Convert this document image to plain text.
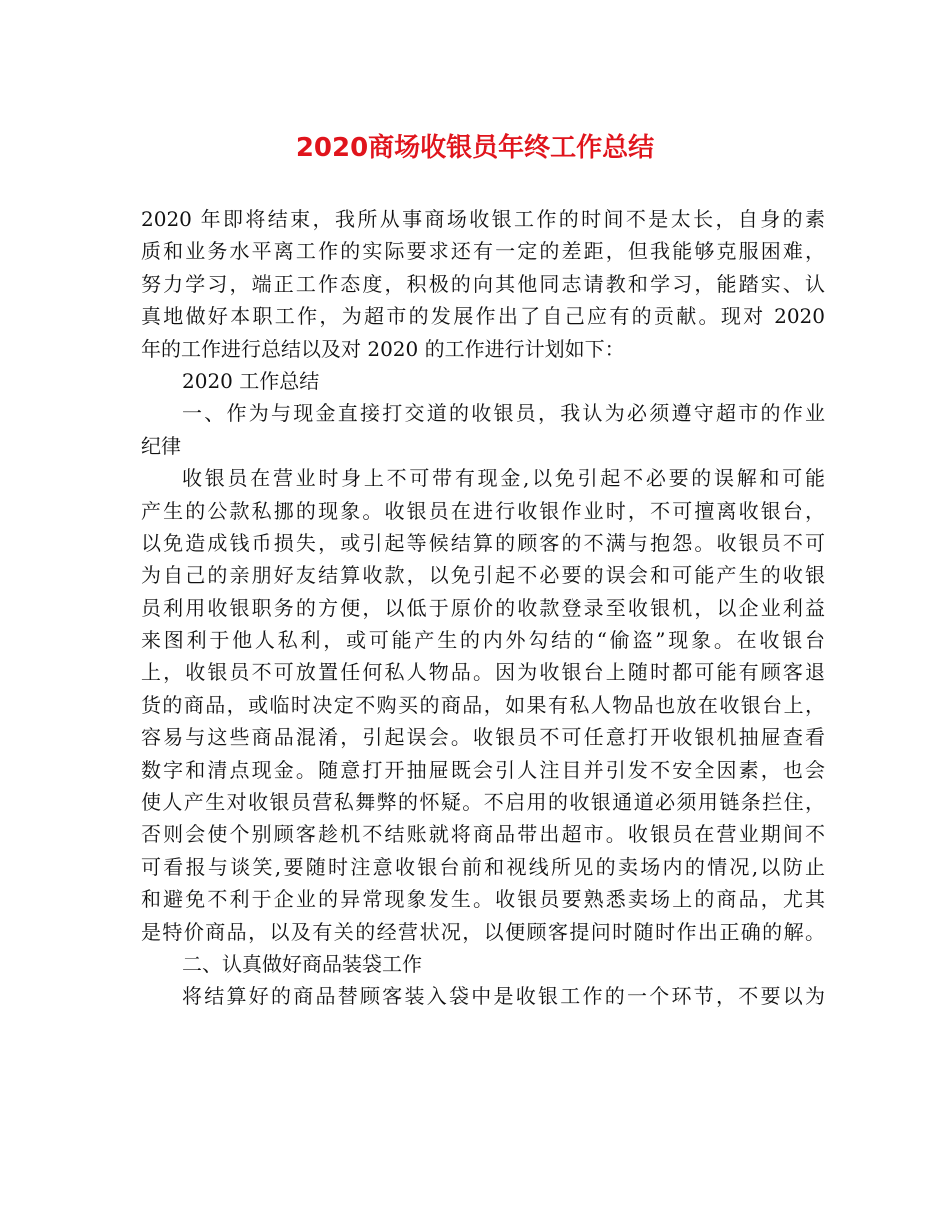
2020商场收银员年终工作总结
2020 年即将结束，我所从事商场收银工作的时间不是太长，自身的素
质和业务水平离工作的实际要求还有一定的差距，但我能够克服困难，
努力学习，端正工作态度，积极的向其他同志请教和学习，能踏实、认
真地做好本职工作，为超市的发展作出了自己应有的贡献。现对 2020
年的工作进行总结以及对 2020 的工作进行计划如下：
2020 工作总结
一、作为与现金直接打交道的收银员，我认为必须遵守超市的作业
纪律
收银员在营业时身上不可带有现金,以免引起不必要的误解和可能
产生的公款私挪的现象。收银员在进行收银作业时，不可擅离收银台，
以免造成钱币损失，或引起等候结算的顾客的不满与抱怨。收银员不可
为自己的亲朋好友结算收款，以免引起不必要的误会和可能产生的收银
员利用收银职务的方便，以低于原价的收款登录至收银机，以企业利益
来图利于他人私利，或可能产生的内外勾结的“偷盗”现象。在收银台
上，收银员不可放置任何私人物品。因为收银台上随时都可能有顾客退
货的商品，或临时决定不购买的商品，如果有私人物品也放在收银台上，
容易与这些商品混淆，引起误会。收银员不可任意打开收银机抽屉查看
数字和清点现金。随意打开抽屉既会引人注目并引发不安全因素，也会
使人产生对收银员营私舞弊的怀疑。不启用的收银通道必须用链条拦住，
否则会使个别顾客趁机不结账就将商品带出超市。收银员在营业期间不
可看报与谈笑,要随时注意收银台前和视线所见的卖场内的情况,以防止
和避免不利于企业的异常现象发生。收银员要熟悉卖场上的商品，尤其
是特价商品，以及有关的经营状况，以便顾客提问时随时作出正确的解。
二、认真做好商品装袋工作
将结算好的商品替顾客装入袋中是收银工作的一个环节，不要以为
